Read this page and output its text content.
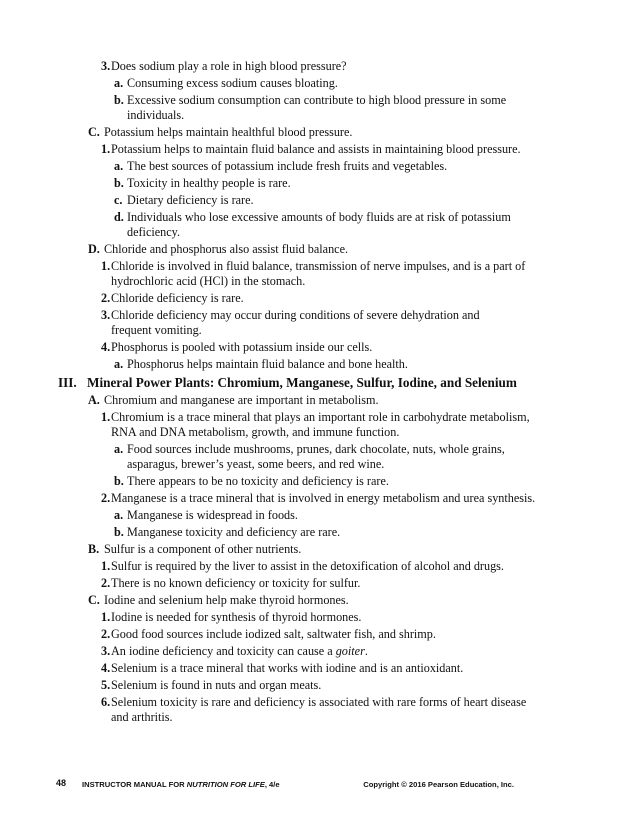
3. Does sodium play a role in high blood pressure?
a. Consuming excess sodium causes bloating.
b. Excessive sodium consumption can contribute to high blood pressure in some
individuals.
C. Potassium helps maintain healthful blood pressure.
1. Potassium helps to maintain fluid balance and assists in maintaining blood pressure.
a. The best sources of potassium include fresh fruits and vegetables.
b. Toxicity in healthy people is rare.
c. Dietary deficiency is rare.
d. Individuals who lose excessive amounts of body fluids are at risk of potassium
deficiency.
D. Chloride and phosphorus also assist fluid balance.
1. Chloride is involved in fluid balance, transmission of nerve impulses, and is a part of
hydrochloric acid (HCl) in the stomach.
2. Chloride deficiency is rare.
3. Chloride deficiency may occur during conditions of severe dehydration and
frequent vomiting.
4. Phosphorus is pooled with potassium inside our cells.
a. Phosphorus helps maintain fluid balance and bone health.
III. Mineral Power Plants: Chromium, Manganese, Sulfur, Iodine, and Selenium
A. Chromium and manganese are important in metabolism.
1. Chromium is a trace mineral that plays an important role in carbohydrate metabolism,
RNA and DNA metabolism, growth, and immune function.
a. Food sources include mushrooms, prunes, dark chocolate, nuts, whole grains,
asparagus, brewer’s yeast, some beers, and red wine.
b. There appears to be no toxicity and deficiency is rare.
2. Manganese is a trace mineral that is involved in energy metabolism and urea synthesis.
a. Manganese is widespread in foods.
b. Manganese toxicity and deficiency are rare.
B. Sulfur is a component of other nutrients.
1. Sulfur is required by the liver to assist in the detoxification of alcohol and drugs.
2. There is no known deficiency or toxicity for sulfur.
C. Iodine and selenium help make thyroid hormones.
1. Iodine is needed for synthesis of thyroid hormones.
2. Good food sources include iodized salt, saltwater fish, and shrimp.
3. An iodine deficiency and toxicity can cause a goiter.
4. Selenium is a trace mineral that works with iodine and is an antioxidant.
5. Selenium is found in nuts and organ meats.
6. Selenium toxicity is rare and deficiency is associated with rare forms of heart disease
and arthritis.
48 INSTRUCTOR MANUAL FOR NUTRITION FOR LIFE, 4/e	Copyright © 2016 Pearson Education, Inc.
